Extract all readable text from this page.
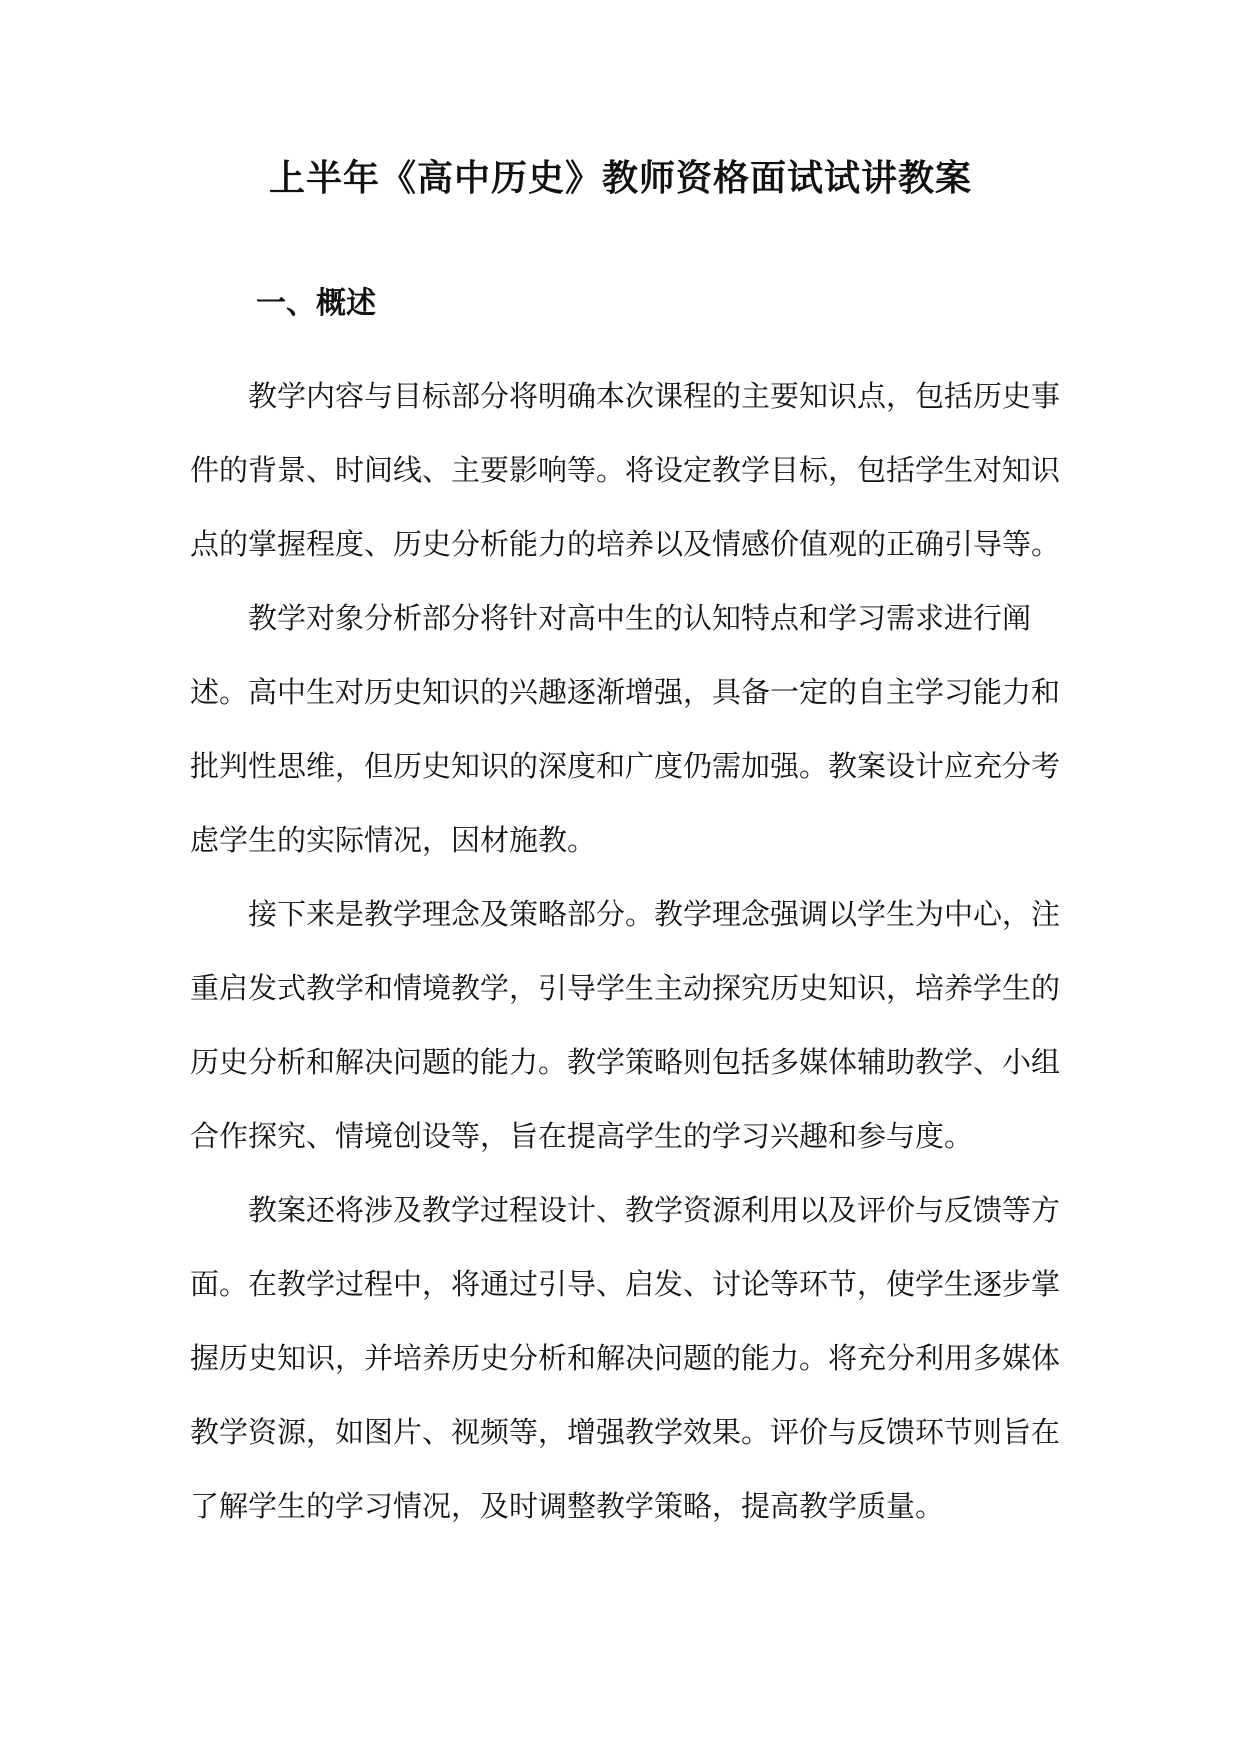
上半年《高中历史》教师资格面试试讲教案
一、概述

教学内容与目标部分将明确本次课程的主要知识点，包括历史事
件的背景、时间线、主要影响等。将设定教学目标，包括学生对知识
点的掌握程度、历史分析能力的培养以及情感价值观的正确引导等。

教学对象分析部分将针对高中生的认知特点和学习需求进行阐
述。高中生对历史知识的兴趣逐渐增强，具备一定的自主学习能力和
批判性思维，但历史知识的深度和广度仍需加强。教案设计应充分考
虑学生的实际情况，因材施教。

接下来是教学理念及策略部分。教学理念强调以学生为中心，注
重启发式教学和情境教学，引导学生主动探究历史知识，培养学生的
历史分析和解决问题的能力。教学策略则包括多媒体辅助教学、小组
合作探究、情境创设等，旨在提高学生的学习兴趣和参与度。

教案还将涉及教学过程设计、教学资源利用以及评价与反馈等方
面。在教学过程中，将通过引导、启发、讨论等环节，使学生逐步掌
握历史知识，并培养历史分析和解决问题的能力。将充分利用多媒体
教学资源，如图片、视频等，增强教学效果。评价与反馈环节则旨在
了解学生的学习情况，及时调整教学策略，提高教学质量。
